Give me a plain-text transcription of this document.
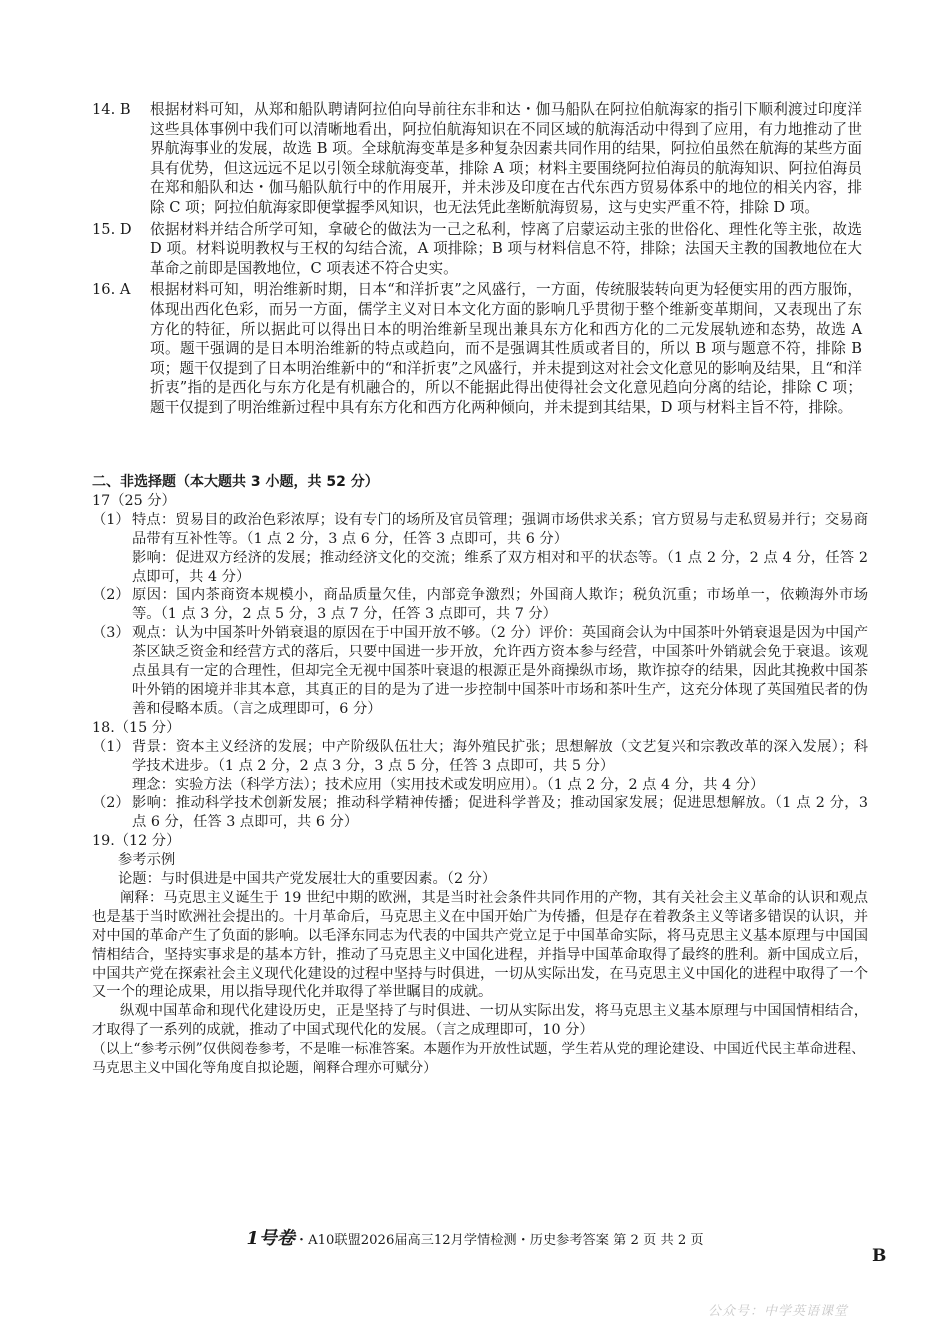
14. B	根据材料可知，从郑和船队聘请阿拉伯向导前往东非和达・伽马船队在阿拉伯航海家的指引下顺利渡过印度洋这些具体事例中我们可以清晰地看出，阿拉伯航海知识在不同区域的航海活动中得到了应用，有力地推动了世界航海事业的发展，故选 B 项。全球航海变革是多种复杂因素共同作用的结果，阿拉伯虽然在航海的某些方面具有优势，但这远远不足以引领全球航海变革，排除 A 项；材料主要围绕阿拉伯海员的航海知识、阿拉伯海员在郑和船队和达・伽马船队航行中的作用展开，并未涉及印度在古代东西方贸易体系中的地位的相关内容，排除 C 项；阿拉伯航海家即便掌握季风知识，也无法凭此垄断航海贸易，这与史实严重不符，排除 D 项。
15. D	依据材料并结合所学可知，拿破仑的做法为一己之私利，悖离了启蒙运动主张的世俗化、理性化等主张，故选 D 项。材料说明教权与王权的勾结合流，A 项排除；B 项与材料信息不符，排除；法国天主教的国教地位在大革命之前即是国教地位，C 项表述不符合史实。
16. A	根据材料可知，明治维新时期，日本“和洋折衷”之风盛行，一方面，传统服装转向更为轻便实用的西方服饰，体现出西化色彩，而另一方面，儒学主义对日本文化方面的影响几乎贯彻于整个维新变革期间，又表现出了东方化的特征，所以据此可以得出日本的明治维新呈现出兼具东方化和西方化的二元发展轨迹和态势，故选 A 项。题干强调的是日本明治维新的特点或趋向，而不是强调其性质或者目的，所以 B 项与题意不符，排除 B 项；题干仅提到了日本明治维新中的“和洋折衷”之风盛行，并未提到这对社会文化意见的影响及结果，且“和洋折衷”指的是西化与东方化是有机融合的，所以不能据此得出使得社会文化意见趋向分离的结论，排除 C 项；题干仅提到了明治维新过程中具有东方化和西方化两种倾向，并未提到其结果，D 项与材料主旨不符，排除。
二、非选择题（本大题共 3 小题，共 52 分）
17（25 分）
（1） 特点：贸易目的政治色彩浓厚；设有专门的场所及官员管理；强调市场供求关系；官方贸易与走私贸易并行；交易商品带有互补性等。（1 点 2 分，3 点 6 分，任答 3 点即可，共 6 分）
影响：促进双方经济的发展；推动经济文化的交流；维系了双方相对和平的状态等。（1 点 2 分，2 点 4 分，任答 2 点即可，共 4 分）
（2） 原因：国内茶商资本规模小，商品质量欠佳，内部竞争激烈；外国商人欺诈；税负沉重；市场单一，依赖海外市场等。（1 点 3 分，2 点 5 分，3 点 7 分，任答 3 点即可，共 7 分）
（3） 观点：认为中国茶叶外销衰退的原因在于中国开放不够。（2 分）评价：英国商会认为中国茶叶外销衰退是因为中国产茶区缺乏资金和经营方式的落后，只要中国进一步开放，允许西方资本参与经营，中国茶叶外销就会免于衰退。该观点虽具有一定的合理性，但却完全无视中国茶叶衰退的根源正是外商操纵市场，欺诈掠夺的结果，因此其挽救中国茶叶外销的困境并非其本意，其真正的目的是为了进一步控制中国茶叶市场和茶叶生产，这充分体现了英国殖民者的伪善和侵略本质。（言之成理即可，6 分）
18.（15 分）
（1） 背景：资本主义经济的发展；中产阶级队伍壮大；海外殖民扩张；思想解放（文艺复兴和宗教改革的深入发展）；科学技术进步。（1 点 2 分，2 点 3 分，3 点 5 分，任答 3 点即可，共 5 分）
理念：实验方法（科学方法）；技术应用（实用技术或发明应用）。（1 点 2 分，2 点 4 分，共 4 分）
（2） 影响：推动科学技术创新发展；推动科学精神传播；促进科学普及；推动国家发展；促进思想解放。（1 点 2 分，3 点 6 分，任答 3 点即可，共 6 分）
19.（12 分）
参考示例
论题：与时俱进是中国共产党发展壮大的重要因素。（2 分）
阐释：马克思主义诞生于 19 世纪中期的欧洲，其是当时社会条件共同作用的产物，其有关社会主义革命的认识和观点也是基于当时欧洲社会提出的。十月革命后，马克思主义在中国开始广为传播，但是存在着教条主义等诸多错误的认识，并对中国的革命产生了负面的影响。以毛泽东同志为代表的中国共产党立足于中国革命实际，将马克思主义基本原理与中国国情相结合，坚持实事求是的基本方针，推动了马克思主义中国化进程，并指导中国革命取得了最终的胜利。新中国成立后，中国共产党在探索社会主义现代化建设的过程中坚持与时俱进，一切从实际出发，在马克思主义中国化的进程中取得了一个又一个的理论成果，用以指导现代化并取得了举世瞩目的成就。
纵观中国革命和现代化建设历史，正是坚持了与时俱进、一切从实际出发，将马克思主义基本原理与中国国情相结合，才取得了一系列的成就，推动了中国式现代化的发展。（言之成理即可，10 分）
（以上“参考示例”仅供阅卷参考，不是唯一标准答案。本题作为开放性试题，学生若从党的理论建设、中国近代民主革命进程、马克思主义中国化等角度自拟论题，阐释合理亦可赋分）
1号卷・A10联盟2026届高三12月学情检测・历史参考答案 第 2 页 共 2 页
B
公众号：中学英语课堂
